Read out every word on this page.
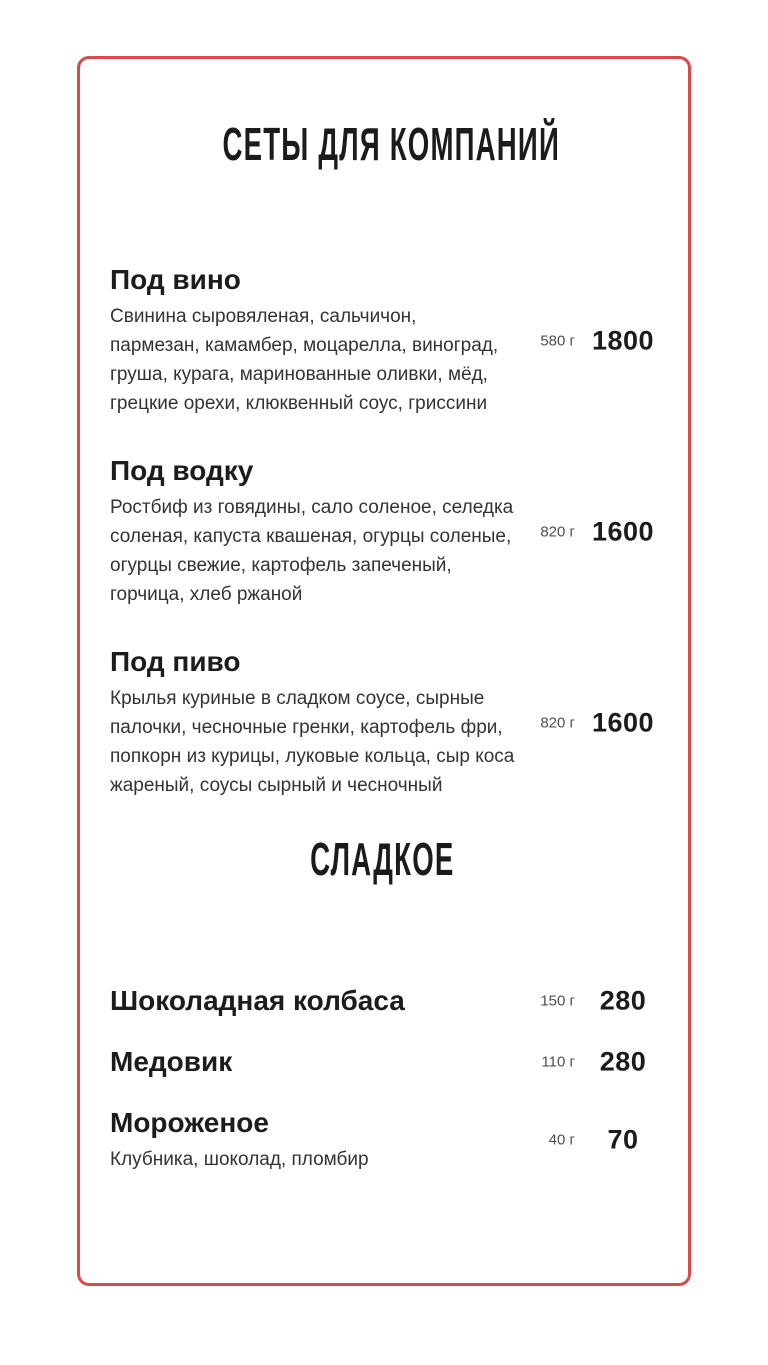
СЕТЫ ДЛЯ КОМПАНИЙ
Под вино
Свинина сыровяленая, сальчичон,
пармезан, камамбер, моцарелла, виноград,
груша, курага, маринованные оливки, мёд,
грецкие орехи, клюквенный соус, гриссини
580 г 1800
Под водку
Ростбиф из говядины, сало соленое, селедка
соленая, капуста квашеная, огурцы соленые,
огурцы свежие, картофель запеченый,
горчица, хлеб ржаной
820 г 1600
Под пиво
Крылья куриные в сладком соусе, сырные
палочки, чесночные гренки, картофель фри,
попкорн из курицы, луковые кольца, сыр коса
жареный, соусы сырный и чесночный
820 г 1600
СЛАДКОЕ
Шоколадная колбаса	150 г 280
Медовик	110 г 280
Мороженое
Клубника, шоколад, пломбир
40 г	70
